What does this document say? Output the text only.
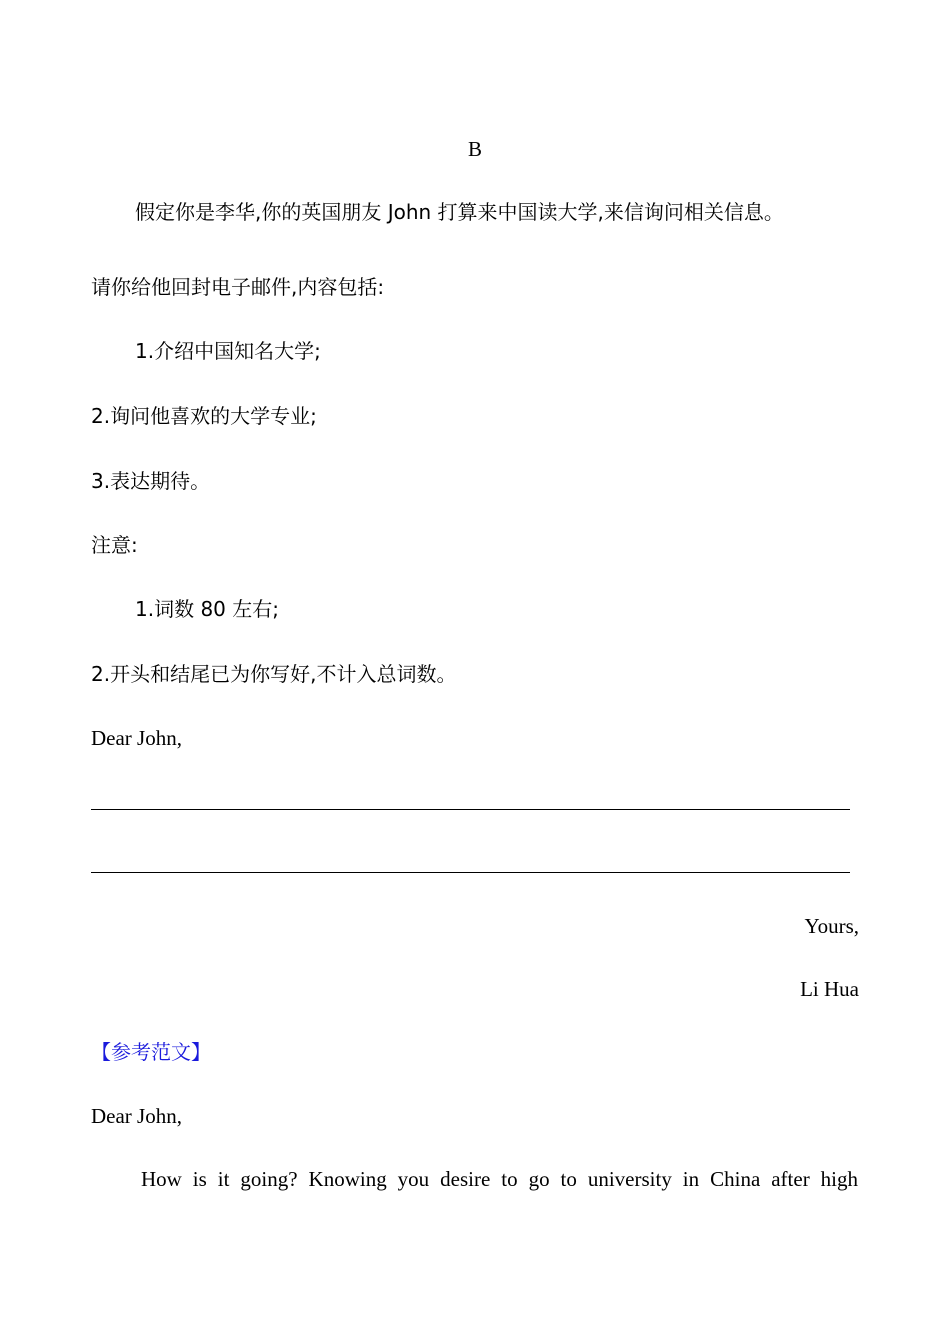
B
假定你是李华,你的英国朋友 John 打算来中国读大学,来信询问相关信息。
请你给他回封电子邮件,内容包括:
1.介绍中国知名大学;
2.询问他喜欢的大学专业;
3.表达期待。
注意:
1.词数 80 左右;
2.开头和结尾已为你写好,不计入总词数。
Dear John,
Yours,
Li Hua
【参考范文】
Dear John,
How is it going? Knowing you desire to go to university in China after high
